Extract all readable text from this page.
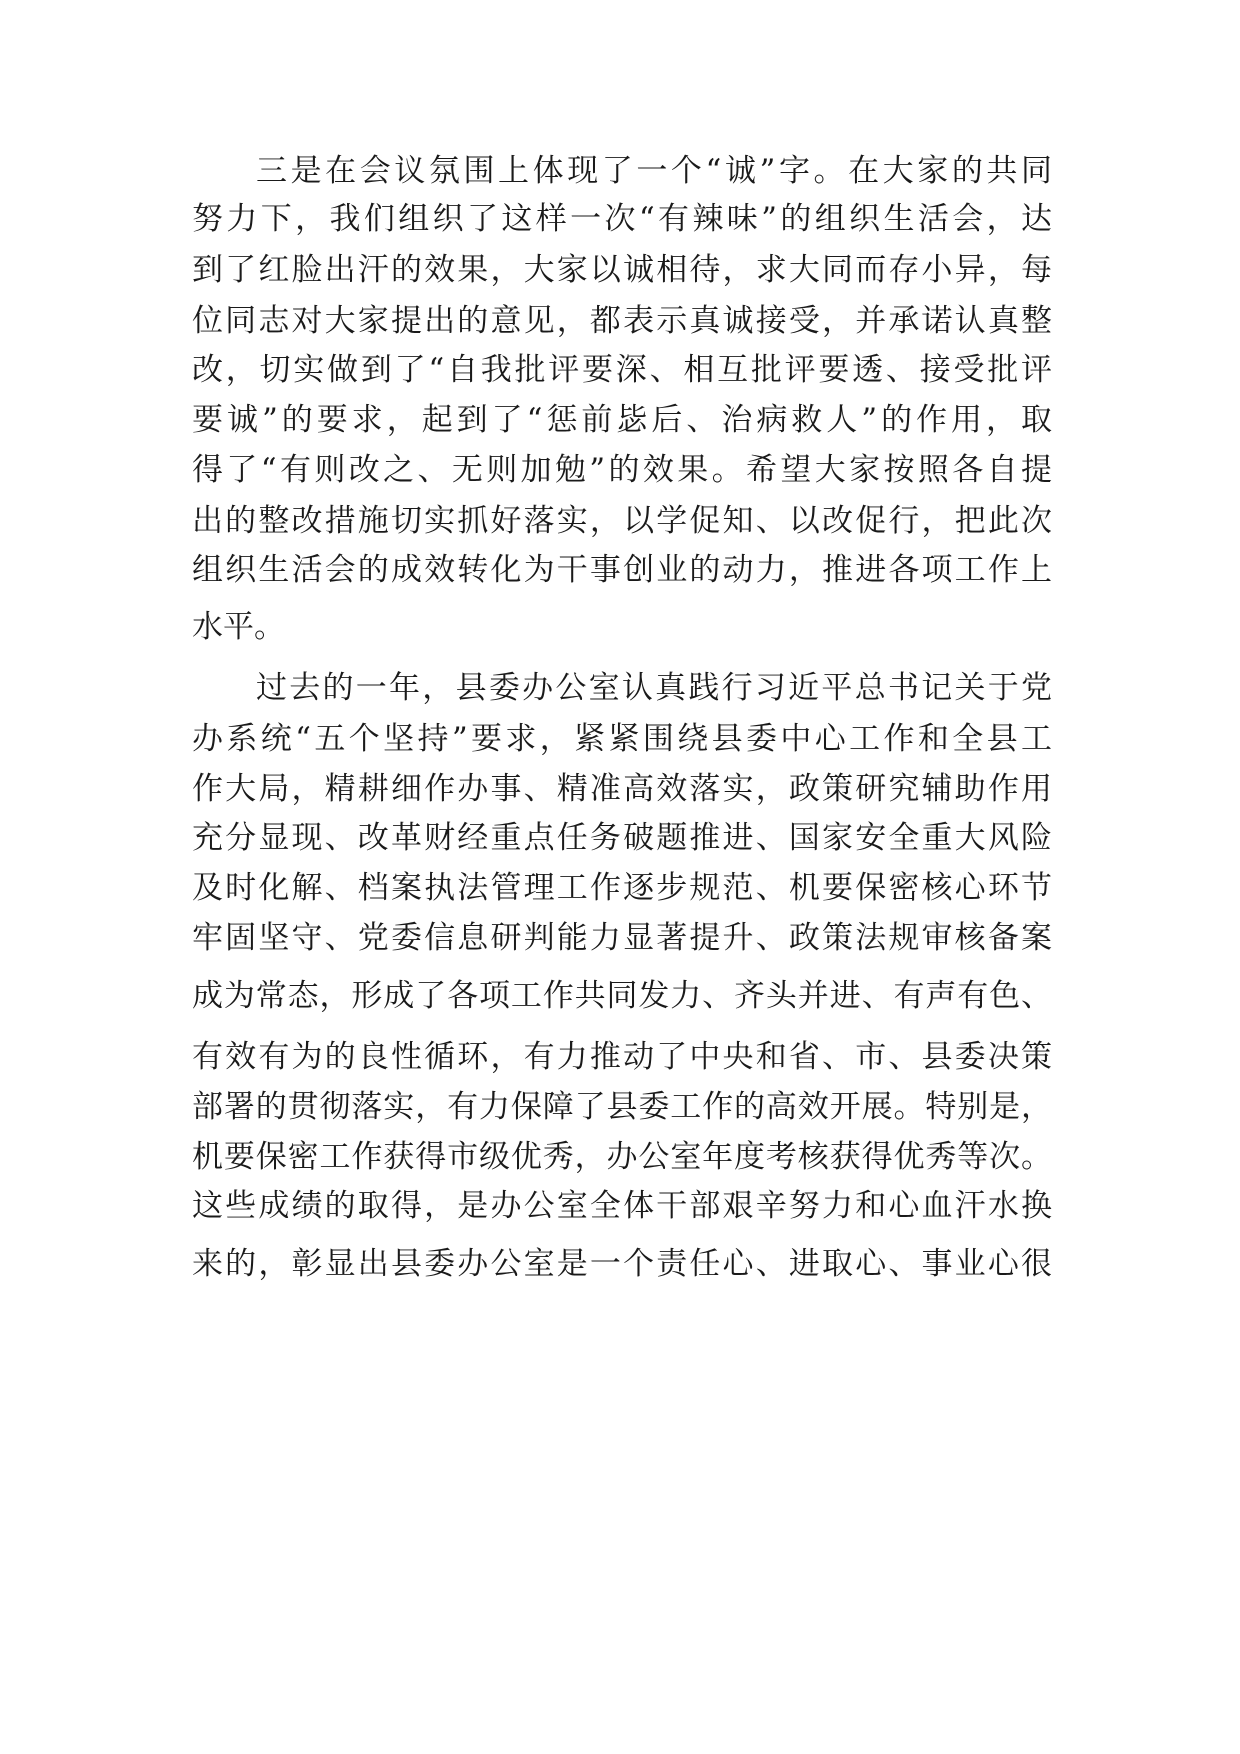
三是在会议氛围上体现了一个“诚”字。在大家的共同

努力下，我们组织了这样一次“有辣味”的组织生活会，达

到了红脸出汗的效果，大家以诚相待，求大同而存小异，每

位同志对大家提出的意见，都表示真诚接受，并承诺认真整

改，切实做到了“自我批评要深、相互批评要透、接受批评

要诚”的要求，起到了“惩前毖后、治病救人”的作用，取

得了“有则改之、无则加勉”的效果。希望大家按照各自提

出的整改措施切实抓好落实，以学促知、以改促行，把此次

组织生活会的成效转化为干事创业的动力，推进各项工作上

水平。

过去的一年，县委办公室认真践行习近平总书记关于党

办系统“五个坚持”要求，紧紧围绕县委中心工作和全县工

作大局，精耕细作办事、精准高效落实，政策研究辅助作用

充分显现、改革财经重点任务破题推进、国家安全重大风险

及时化解、档案执法管理工作逐步规范、机要保密核心环节

牢固坚守、党委信息研判能力显著提升、政策法规审核备案

成为常态，形成了各项工作共同发力、齐头并进、有声有色、

有效有为的良性循环，有力推动了中央和省、市、县委决策

部署的贯彻落实，有力保障了县委工作的高效开展。特别是，

机要保密工作获得市级优秀，办公室年度考核获得优秀等次。

这些成绩的取得，是办公室全体干部艰辛努力和心血汗水换

来的，彰显出县委办公室是一个责任心、进取心、事业心很
